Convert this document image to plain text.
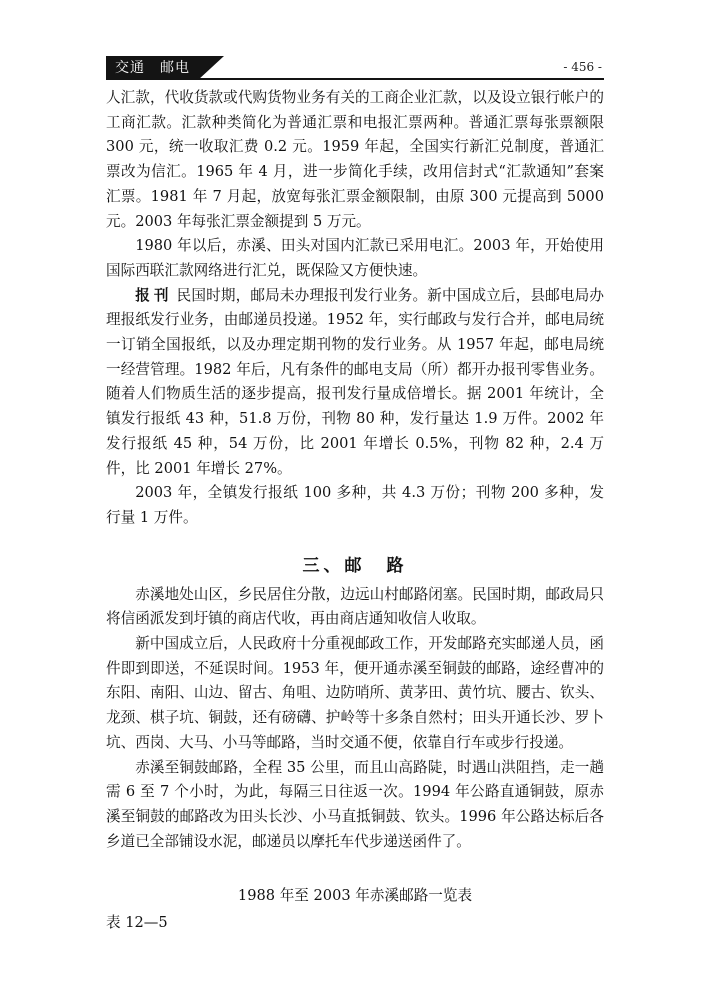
交通　邮电	- 456 -

人汇款，代收货款或代购货物业务有关的工商企业汇款，以及设立银行帐户的工商汇款。汇款种类简化为普通汇票和电报汇票两种。普通汇票每张票额限 300 元，统一收取汇费 0.2 元。1959 年起，全国实行新汇兑制度，普通汇票改为信汇。1965 年 4 月，进一步简化手续，改用信封式“汇款通知”套案汇票。1981 年 7 月起，放宽每张汇票金额限制，由原 300 元提高到 5000 元。2003 年每张汇票金额提到 5 万元。

1980 年以后，赤溪、田头对国内汇款已采用电汇。2003 年，开始使用国际西联汇款网络进行汇兑，既保险又方便快速。

报刊 民国时期，邮局未办理报刊发行业务。新中国成立后，县邮电局办理报纸发行业务，由邮递员投递。1952 年，实行邮政与发行合并，邮电局统一订销全国报纸，以及办理定期刊物的发行业务。从 1957 年起，邮电局统一经营管理。1982 年后，凡有条件的邮电支局（所）都开办报刊零售业务。随着人们物质生活的逐步提高，报刊发行量成倍增长。据 2001 年统计，全镇发行报纸 43 种，51.8 万份，刊物 80 种，发行量达 1.9 万件。2002 年发行报纸 45 种，54 万份，比 2001 年增长 0.5%，刊物 82 种，2.4 万件，比 2001 年增长 27%。

2003 年，全镇发行报纸 100 多种，共 4.3 万份；刊物 200 多种，发行量 1 万件。

三、邮　路

赤溪地处山区，乡民居住分散，边远山村邮路闭塞。民国时期，邮政局只将信函派发到圩镇的商店代收，再由商店通知收信人收取。

新中国成立后，人民政府十分重视邮政工作，开发邮路充实邮递人员，函件即到即送，不延误时间。1953 年，便开通赤溪至铜鼓的邮路，途经曹冲的东阳、南阳、山边、留古、角咀、边防哨所、黄茅田、黄竹坑、腰古、钦头、龙颈、棋子坑、铜鼓，还有磅礴、护岭等十多条自然村；田头开通长沙、罗卜坑、西岗、大马、小马等邮路，当时交通不便，依靠自行车或步行投递。

赤溪至铜鼓邮路，全程 35 公里，而且山高路陡，时遇山洪阻挡，走一趟需 6 至 7 个小时，为此，每隔三日往返一次。1994 年公路直通铜鼓，原赤溪至铜鼓的邮路改为田头长沙、小马直抵铜鼓、钦头。1996 年公路达标后各乡道已全部铺设水泥，邮递员以摩托车代步递送函件了。

1988 年至 2003 年赤溪邮路一览表

表 12—5
